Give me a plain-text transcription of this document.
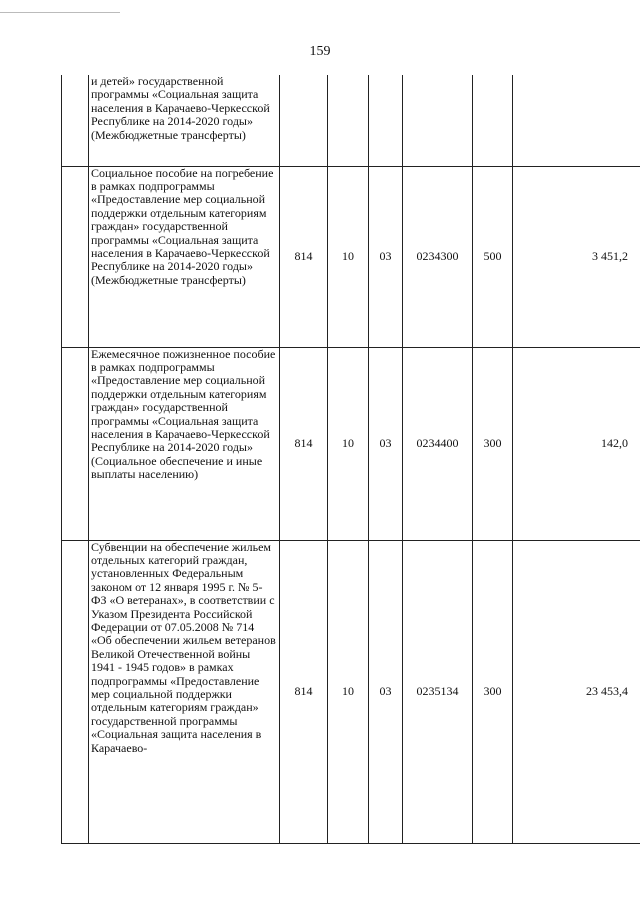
159
	и детей» государственной программы «Социальная защита населения в Карачаево-Черкесской Республике на 2014-2020 годы» (Межбюджетные трансферты)						
	Социальное пособие на погребение в рамках подпрограммы «Предоставление мер социальной поддержки отдельным категориям граждан» государственной программы «Социальная защита населения в Карачаево-Черкесской Республике на 2014-2020 годы» (Межбюджетные трансферты)	814	10	03	0234300	500	3 451,2
	Ежемесячное пожизненное пособие в рамках подпрограммы «Предоставление мер социальной поддержки отдельным категориям граждан» государственной программы «Социальная защита населения в Карачаево-Черкесской Республике на 2014-2020 годы» (Социальное обеспечение и иные выплаты населению)	814	10	03	0234400	300	142,0
	Субвенции на обеспечение жильем отдельных категорий граждан, установленных Федеральным законом от 12 января 1995 г. № 5-ФЗ «О ветеранах», в соответствии с Указом Президента Российской Федерации от 07.05.2008 № 714 «Об обеспечении жильем ветеранов Великой Отечественной войны 1941 - 1945 годов» в рамках подпрограммы «Предоставление мер социальной поддержки отдельным категориям граждан» государственной программы «Социальная защита населения в Карачаево-	814	10	03	0235134	300	23 453,4
